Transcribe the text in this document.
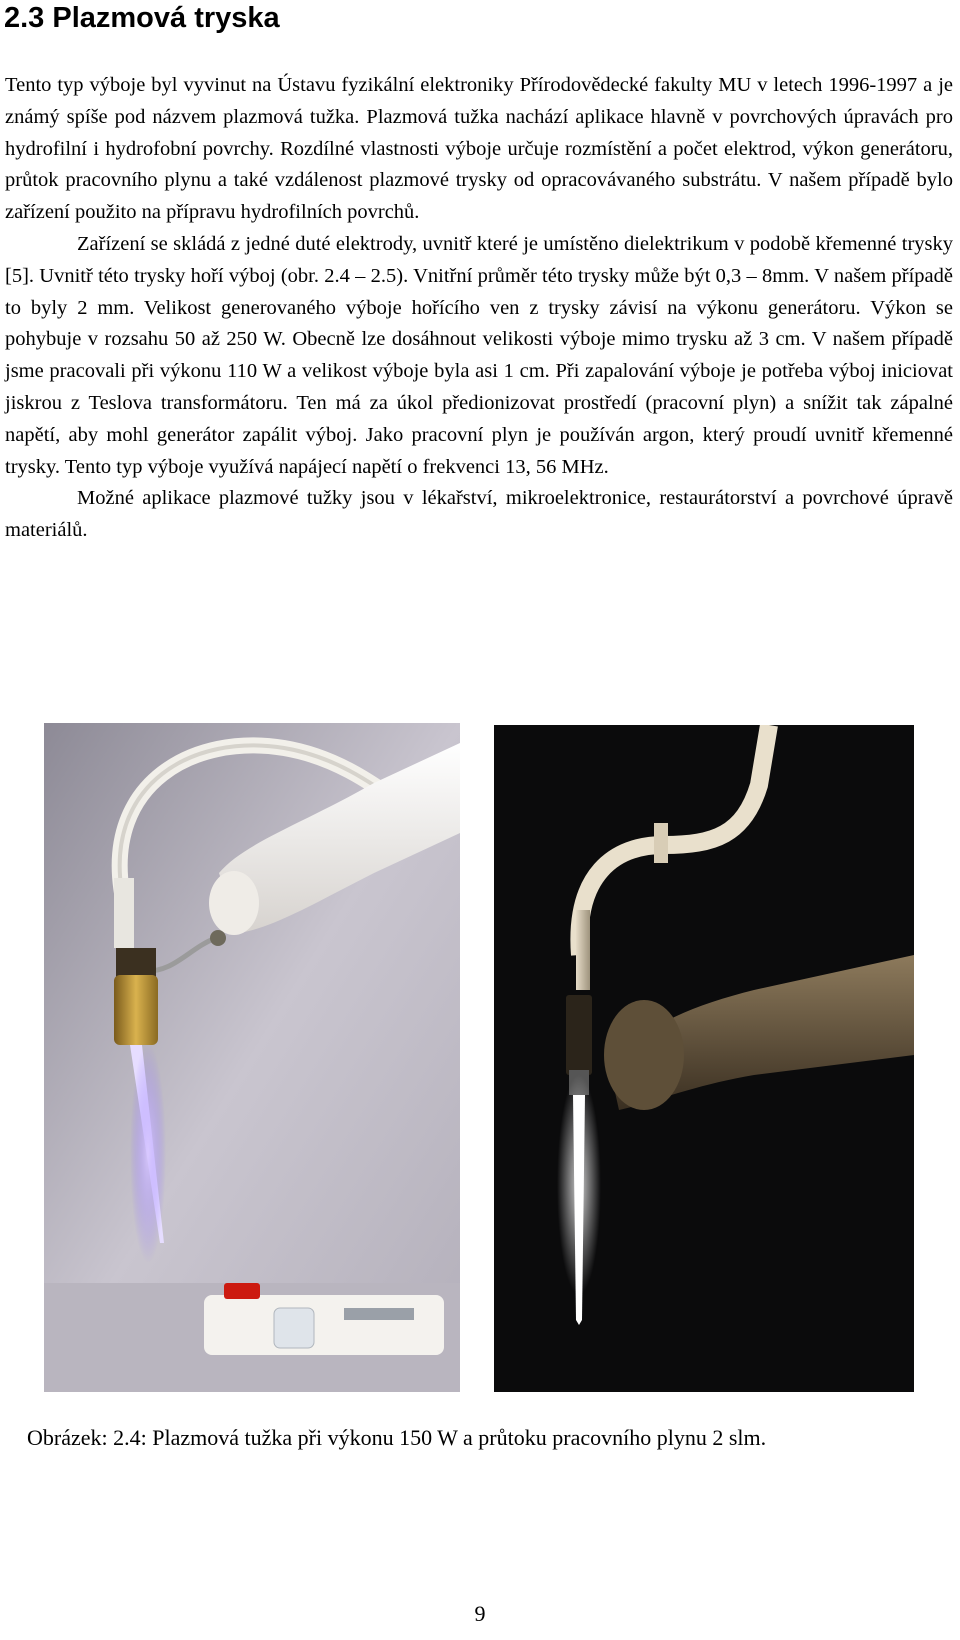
2.3 Plazmová tryska

Tento typ výboje byl vyvinut na Ústavu fyzikální elektroniky Přírodovědecké fakulty MU v letech 1996-1997 a je známý spíše pod názvem plazmová tužka. Plazmová tužka nachází aplikace hlavně v povrchových úpravách pro hydrofilní i hydrofobní povrchy. Rozdílné vlastnosti výboje určuje rozmístění a počet elektrod, výkon generátoru, průtok pracovního plynu a také vzdálenost plazmové trysky od opracovávaného substrátu. V našem případě bylo zařízení použito na přípravu hydrofilních povrchů.

Zařízení se skládá z jedné duté elektrody, uvnitř které je umístěno dielektrikum v podobě křemenné trysky [5]. Uvnitř této trysky hoří výboj (obr. 2.4 – 2.5). Vnitřní průměr této trysky může být 0,3 – 8mm. V našem případě to byly 2 mm. Velikost generovaného výboje hořícího ven z trysky závisí na výkonu generátoru. Výkon se pohybuje v rozsahu 50 až 250 W. Obecně lze dosáhnout velikosti výboje mimo trysku až 3 cm. V našem případě jsme pracovali při výkonu 110 W a velikost výboje byla asi 1 cm. Při zapalování výboje je potřeba výboj iniciovat jiskrou z Teslova transformátoru. Ten má za úkol předionizovat prostředí (pracovní plyn) a snížit tak zápalné napětí, aby mohl generátor zapálit výboj. Jako pracovní plyn je používán argon, který proudí uvnitř křemenné trysky. Tento typ výboje využívá napájecí napětí o frekvenci 13, 56 MHz.

Možné aplikace plazmové tužky jsou v lékařství, mikroelektronice, restaurátorství a povrchové úpravě materiálů.

Obrázek: 2.4: Plazmová tužka při výkonu 150 W a průtoku pracovního plynu 2 slm.

9
